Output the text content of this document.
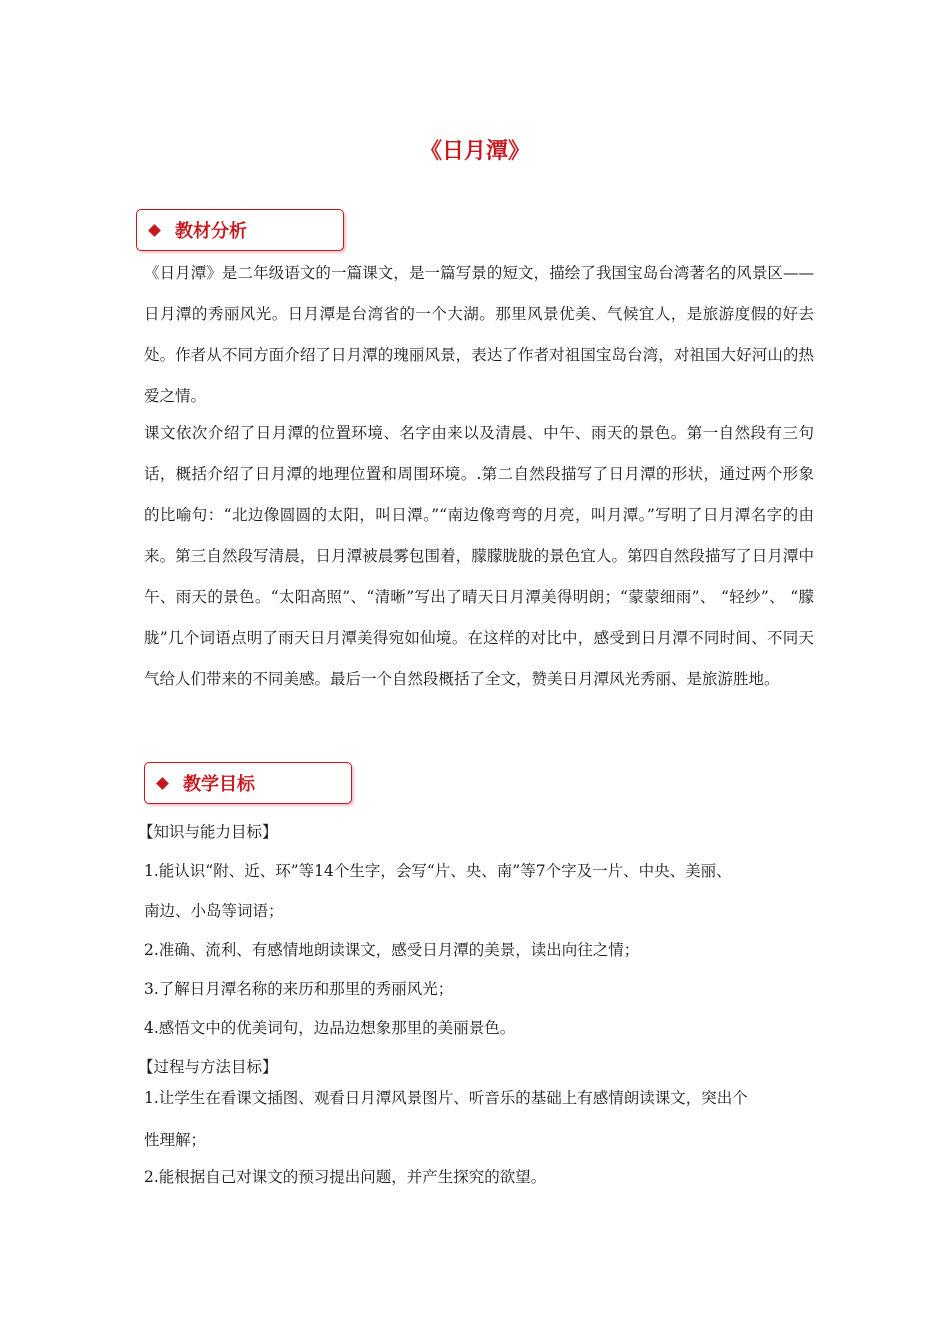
《日月潭》
教材分析

《日月潭》是二年级语文的一篇课文，是一篇写景的短文，描绘了我国宝岛台湾著名的风景区——日月潭的秀丽风光。日月潭是台湾省的一个大湖。那里风景优美、气候宜人，是旅游度假的好去处。作者从不同方面介绍了日月潭的瑰丽风景，表达了作者对祖国宝岛台湾，对祖国大好河山的热爱之情。

课文依次介绍了日月潭的位置环境、名字由来以及清晨、中午、雨天的景色。第一自然段有三句话，概括介绍了日月潭的地理位置和周围环境。.第二自然段描写了日月潭的形状，通过两个形象的比喻句：“北边像圆圆的太阳，叫日潭。”“南边像弯弯的月亮，叫月潭。”写明了日月潭名字的由来。第三自然段写清晨，日月潭被晨雾包围着，朦朦胧胧的景色宜人。第四自然段描写了日月潭中午、雨天的景色。“太阳高照”、“清晰”写出了晴天日月潭美得明朗；“蒙蒙细雨”、 “轻纱”、 “朦胧”几个词语点明了雨天日月潭美得宛如仙境。在这样的对比中，感受到日月潭不同时间、不同天气给人们带来的不同美感。最后一个自然段概括了全文，赞美日月潭风光秀丽、是旅游胜地。

教学目标

【知识与能力目标】

1.能认识“附、近、环”等14个生字，会写“片、央、南”等7个字及一片、中央、美丽、

南边、小岛等词语；

2.准确、流利、有感情地朗读课文，感受日月潭的美景，读出向往之情；

3.了解日月潭名称的来历和那里的秀丽风光；

4.感悟文中的优美词句，边品边想象那里的美丽景色。

【过程与方法目标】

1.让学生在看课文插图、观看日月潭风景图片、听音乐的基础上有感情朗读课文，突出个

性理解；

2.能根据自己对课文的预习提出问题，并产生探究的欲望。
